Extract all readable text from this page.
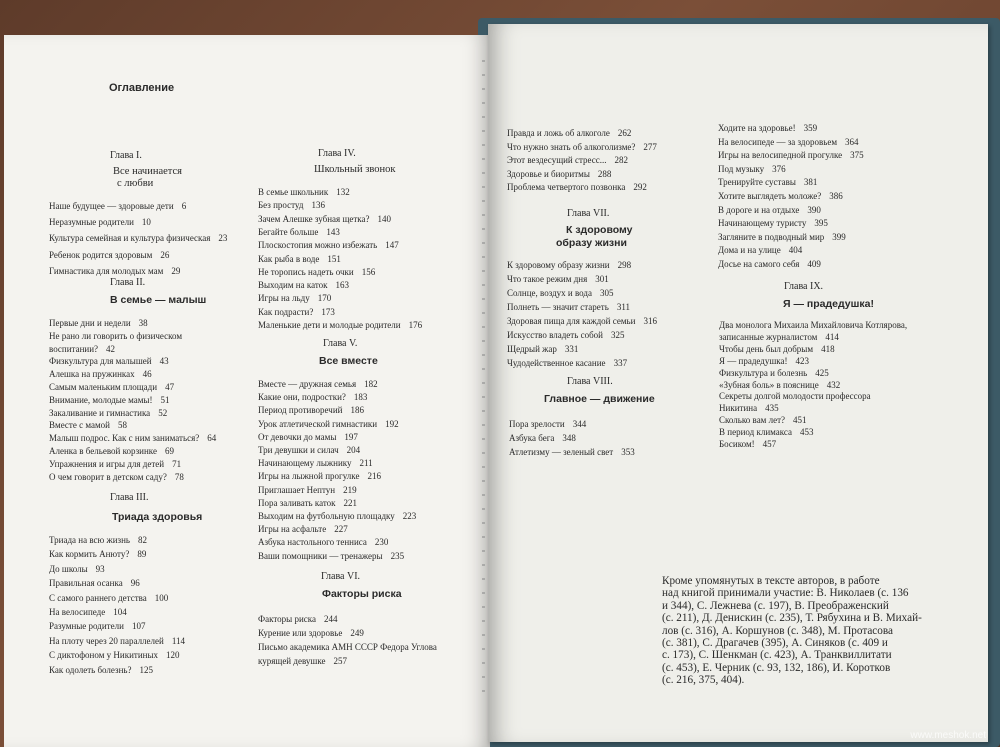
Оглавление
Глава I.
Все начинается
с любви
Глава II.
В семье — малыш
Глава III.
Триада здоровья
Глава IV.
Школьный звонок
Глава V.
Все вместе
Глава VI.
Факторы риска
Глава VII.
К здоровому
образу жизни
Глава VIII.
Главное — движение
Глава IX.
Я — прадедушка!
Кроме упомянутых в тексте авторов, в работе
над книгой принимали участие: В. Николаев (с. 136
и 344), С. Лежнева (с. 197), В. Преображенский
(с. 211), Д. Денискин (с. 235), Т. Рябухина и В. Михай-
лов (с. 316), А. Коршунов (с. 348), М. Протасова
(с. 381), С. Драгачев (395), А. Синяков (с. 409 и
с. 173), С. Шенкман (с. 423), А. Транквиллитати
(с. 453), Е. Черник (с. 93, 132, 186), И. Коротков
(с. 216, 375, 404).
www.meshok.net
Наше будущее — здоровые дети 6
Неразумные родители 10
Культура семейная и культура физическая 23
Ребенок родится здоровым 26
Гимнастика для молодых мам 29
Первые дни и недели 38
Не рано ли говорить о физическом
воспитании? 42
Физкультура для малышей 43
Алешка на пружинках 46
Самым маленьким площади 47
Внимание, молодые мамы! 51
Закаливание и гимнастика 52
Вместе с мамой 58
Малыш подрос. Как с ним заниматься? 64
Аленка в бельевой корзинке 69
Упражнения и игры для детей 71
О чем говорит в детском саду? 78
Триада на всю жизнь 82
Как кормить Анюту? 89
До школы 93
Правильная осанка 96
С самого раннего детства 100
На велосипеде 104
Разумные родители 107
На плоту через 20 параллелей 114
С диктофоном у Никитиных 120
Как одолеть болезнь? 125
В семье школьник 132
Без простуд 136
Зачем Алешке зубная щетка? 140
Бегайте больше 143
Плоскостопия можно избежать 147
Как рыба в воде 151
Не торопись надеть очки 156
Выходим на каток 163
Игры на льду 170
Как подрасти? 173
Маленькие дети и молодые родители 176
Вместе — дружная семья 182
Какие они, подростки? 183
Период противоречий 186
Урок атлетической гимнастики 192
От девочки до мамы 197
Три девушки и силач 204
Начинающему лыжнику 211
Игры на лыжной прогулке 216
Приглашает Нептун 219
Пора заливать каток 221
Выходим на футбольную площадку 223
Игры на асфальте 227
Азбука настольного тенниса 230
Ваши помощники — тренажеры 235
Факторы риска 244
Курение или здоровье 249
Письмо академика АМН СССР Федора Углова
курящей девушке 257
Правда и ложь об алкоголе 262
Что нужно знать об алкоголизме? 277
Этот вездесущий стресс... 282
Здоровье и биоритмы 288
Проблема четвертого позвонка 292
К здоровому образу жизни 298
Что такое режим дня 301
Солнце, воздух и вода 305
Полнеть — значит стареть 311
Здоровая пища для каждой семьи 316
Искусство владеть собой 325
Щедрый жар 331
Чудодейственное касание 337
Пора зрелости 344
Азбука бега 348
Атлетизму — зеленый свет 353
Ходите на здоровье! 359
На велосипеде — за здоровьем 364
Игры на велосипедной прогулке 375
Под музыку 376
Тренируйте суставы 381
Хотите выглядеть моложе? 386
В дороге и на отдыхе 390
Начинающему туристу 395
Загляните в подводный мир 399
Дома и на улице 404
Досье на самого себя 409
Два монолога Михаила Михайловича Котлярова,
записанные журналистом 414
Чтобы день был добрым 418
Я — прадедушка! 423
Физкультура и болезнь 425
«Зубная боль» в пояснице 432
Секреты долгой молодости профессора
Никитина 435
Сколько вам лет? 451
В период климакса 453
Босиком! 457
